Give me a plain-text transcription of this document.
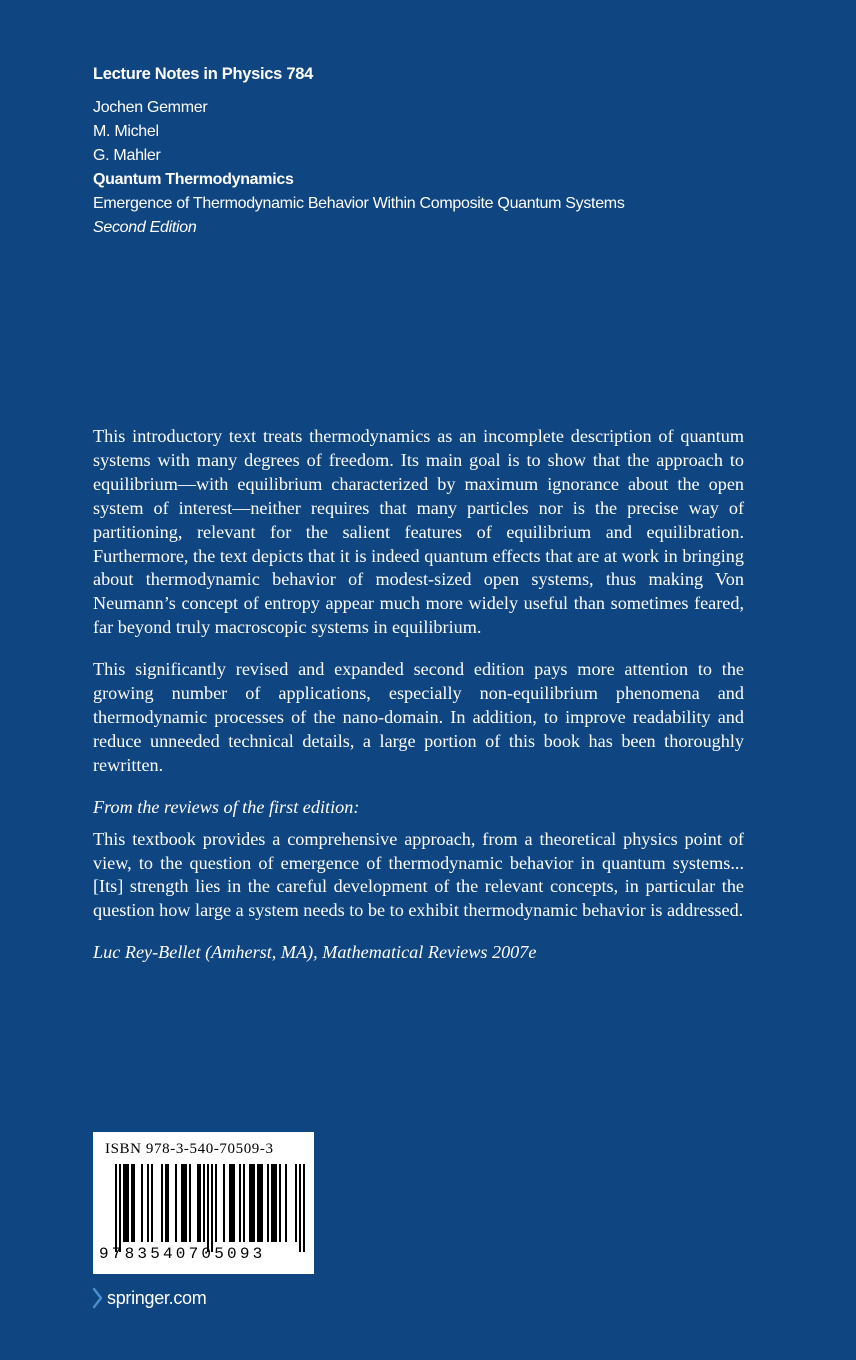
Lecture Notes in Physics 784
Jochen Gemmer
M. Michel
G. Mahler
Quantum Thermodynamics
Emergence of Thermodynamic Behavior Within Composite Quantum Systems
Second Edition

This introductory text treats thermodynamics as an incomplete description of quantum systems with many degrees of freedom. Its main goal is to show that the approach to equilibrium—with equilibrium characterized by maximum ignorance about the open system of interest—neither requires that many particles nor is the precise way of partitioning, relevant for the salient features of equilibrium and equilibration. Furthermore, the text depicts that it is indeed quantum effects that are at work in bringing about thermodynamic behavior of modest-sized open systems, thus making Von Neumann’s concept of entropy appear much more widely useful than sometimes feared, far beyond truly macroscopic systems in equilibrium.

This significantly revised and expanded second edition pays more attention to the growing number of applications, especially non-equilibrium phenomena and thermodynamic processes of the nano-domain. In addition, to improve readability and reduce unneeded technical details, a large portion of this book has been thoroughly rewritten.

From the reviews of the first edition:

This textbook provides a comprehensive approach, from a theoretical physics point of view, to the question of emergence of thermodynamic behavior in quantum systems... [Its] strength lies in the careful development of the relevant concepts, in particular the question how large a system needs to be to exhibit thermodynamic behavior is addressed.

Luc Rey-Bellet (Amherst, MA), Mathematical Reviews 2007e

ISBN 978-3-540-70509-3
9783540705093
springer.com
